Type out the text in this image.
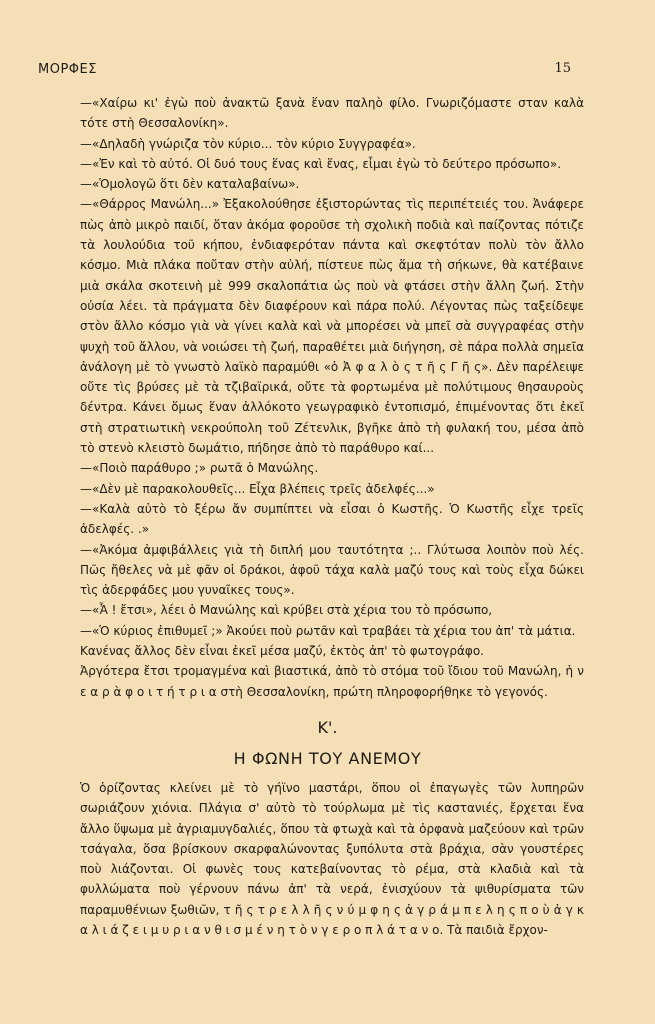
ΜΟΡΦΕΣ	15
—«Χαίρω κι' ἐγὼ ποὺ ἀνακτῶ ξανὰ ἕναν παληὸ φίλο. Γνωριζόμαστε σταν καλὰ τότε στὴ Θεσσαλονίκη».
—«Δηλαδὴ γνώριζα τὸν κύριο... τὸν κύριο Συγγραφέα».
—«Ἐν καὶ τὸ αὐτό. Οἱ δυό τους ἕνας καὶ ἕνας, εἶμαι ἐγὼ τὸ δεύτερο πρόσωπο».
—«Ὁμολογῶ ὅτι δὲν καταλαβαίνω».
—«Θάρρος Μανώλη...» Ἐξακολούθησε ἐξιστορώντας τὶς περιπέτειές του. Ἀνάφερε πὼς ἀπὸ μικρὸ παιδί, ὅταν ἀκόμα φοροῦσε τὴ σχολικὴ ποδιὰ καὶ παίζοντας πότιζε τὰ λουλούδια τοῦ κήπου, ἐνδιαφερόταν πάντα καὶ σκεφτόταν πολὺ τὸν ἄλλο κόσμο. Μιὰ πλάκα ποὔταν στὴν αὐλή, πίστευε πὼς ἅμα τὴ σήκωνε, θὰ κατέβαινε μιὰ σκάλα σκοτεινὴ μὲ 999 σκαλοπάτια ὡς ποὺ νὰ φτάσει στὴν ἄλλη ζωή. Στὴν οὐσία λέει. τὰ πράγματα δὲν διαφέρουν καὶ πάρα πολύ. Λέγοντας πὼς ταξείδεψε στὸν ἄλλο κόσμο γιὰ νὰ γίνει καλὰ καὶ νὰ μπορέσει νὰ μπεῖ σὰ συγγραφέας στὴν ψυχὴ τοῦ ἄλλου, νὰ νοιώσει τὴ ζωή, παραθέτει μιὰ διήγηση, σὲ πάρα πολλὰ σημεῖα ἀνάλογη μὲ τὸ γνωστὸ λαϊκὸ παραμύθι «ὁ Ἀ φ α λ ὸ ς τ ῆ ς Γ ῆ ς». Δὲν παρέλειψε οὔτε τὶς βρύσες μὲ τὰ τζιβαϊρικά, οὔτε τὰ φορτωμένα μὲ πολύτιμους θησαυροὺς δέντρα. Κάνει ὅμως ἕναν ἀλλόκοτο γεωγραφικὸ ἐντοπισμό, ἐπιμένοντας ὅτι ἐκεῖ στὴ στρατιωτικὴ νεκρούπολη τοῦ Ζέτενλικ, βγῆκε ἀπὸ τὴ φυλακή του, μέσα ἀπὸ τὸ στενὸ κλειστὸ δωμάτιο, πήδησε ἀπὸ τὸ παράθυρο καί...
—«Ποιὸ παράθυρο ;» ρωτᾶ ὁ Μανώλης.
—«Δὲν μὲ παρακολουθεῖς... Εἶχα βλέπεις τρεῖς ἀδελφές...»
—«Καλὰ αὐτὸ τὸ ξέρω ἄν συμπίπτει νὰ εἶσαι ὁ Κωστῆς. Ὁ Κωστῆς εἶχε τρεῖς ἀδελφές. .»
—«Ἀκόμα ἀμφιβάλλεις γιὰ τὴ διπλή μου ταυτότητα ;.. Γλύτωσα λοιπὸν ποὺ λές. Πῶς ἤθελες νὰ μὲ φᾶν οἱ δράκοι, ἀφοῦ τάχα καλὰ μαζύ τους καὶ τοὺς εἶχα δώκει τὶς ἀδερφάδες μου γυναῖκες τους».
—«Ἆ ! ἔτσι», λέει ὁ Μανώλης καὶ κρύβει στὰ χέρια του τὸ πρόσωπο,
—«Ὁ κύριος ἐπιθυμεῖ ;» Ἀκούει ποὺ ρωτᾶν καὶ τραβάει τὰ χέρια του ἀπ' τὰ μάτια.
Κανένας ἄλλος δὲν εἶναι ἐκεῖ μέσα μαζύ, ἐκτὸς ἀπ' τὸ φωτογράφο.
Ἀργότερα ἔτσι τρομαγμένα καὶ βιαστικά, ἀπὸ τὸ στόμα τοῦ ἴδιου τοῦ Μανώλη, ἡ ν ε α ρ ὰ φ ο ι τ ή τ ρ ι α στὴ Θεσσαλονίκη, πρώτη πληροφορήθηκε τὸ γεγονός.
Κ'.
Η ΦΩΝΗ ΤΟΥ ΑΝΕΜΟΥ
Ὁ ὁρίζοντας κλείνει μὲ τὸ γήϊνο μαστάρι, ὅπου οἱ ἐπαγωγὲς τῶν λυπηρῶν σωριάζουν χιόνια. Πλάγια σ' αὐτὸ τὸ τούρλωμα μὲ τὶς καστανιές, ἔρχεται ἕνα ἄλλο ὕψωμα μὲ ἀγριαμυγδαλιές, ὅπου τὰ φτωχὰ καὶ τὰ ὀρφανὰ μαζεύουν καὶ τρῶν τσάγαλα, ὅσα βρίσκουν σκαρφαλώνοντας ξυπόλυτα στὰ βράχια, σὰν γουστέρες ποὺ λιάζονται. Οἱ φωνὲς τους κατεβαίνοντας τὸ ρέμα, στὰ κλαδιὰ καὶ τὰ φυλλώματα ποὺ γέρνουν πάνω ἀπ' τὰ νερά, ἐνισχύουν τὰ ψιθυρίσματα τῶν παραμυθένιων ξωθιῶν, τ ῆ ς τ ρ ε λ λ ῆ ς ν ύ μ φ η ς ἀ γ ρ ά μ π ε λ η ς π ο ὺ ἀ γ κ α λ ι ά ζ ε ι μ υ ρ ι α ν θ ι σ μ έ ν η τ ὸ ν γ ε ρ ο π λ ά τ α ν ο. Τὰ παιδιὰ ἔρχον-
